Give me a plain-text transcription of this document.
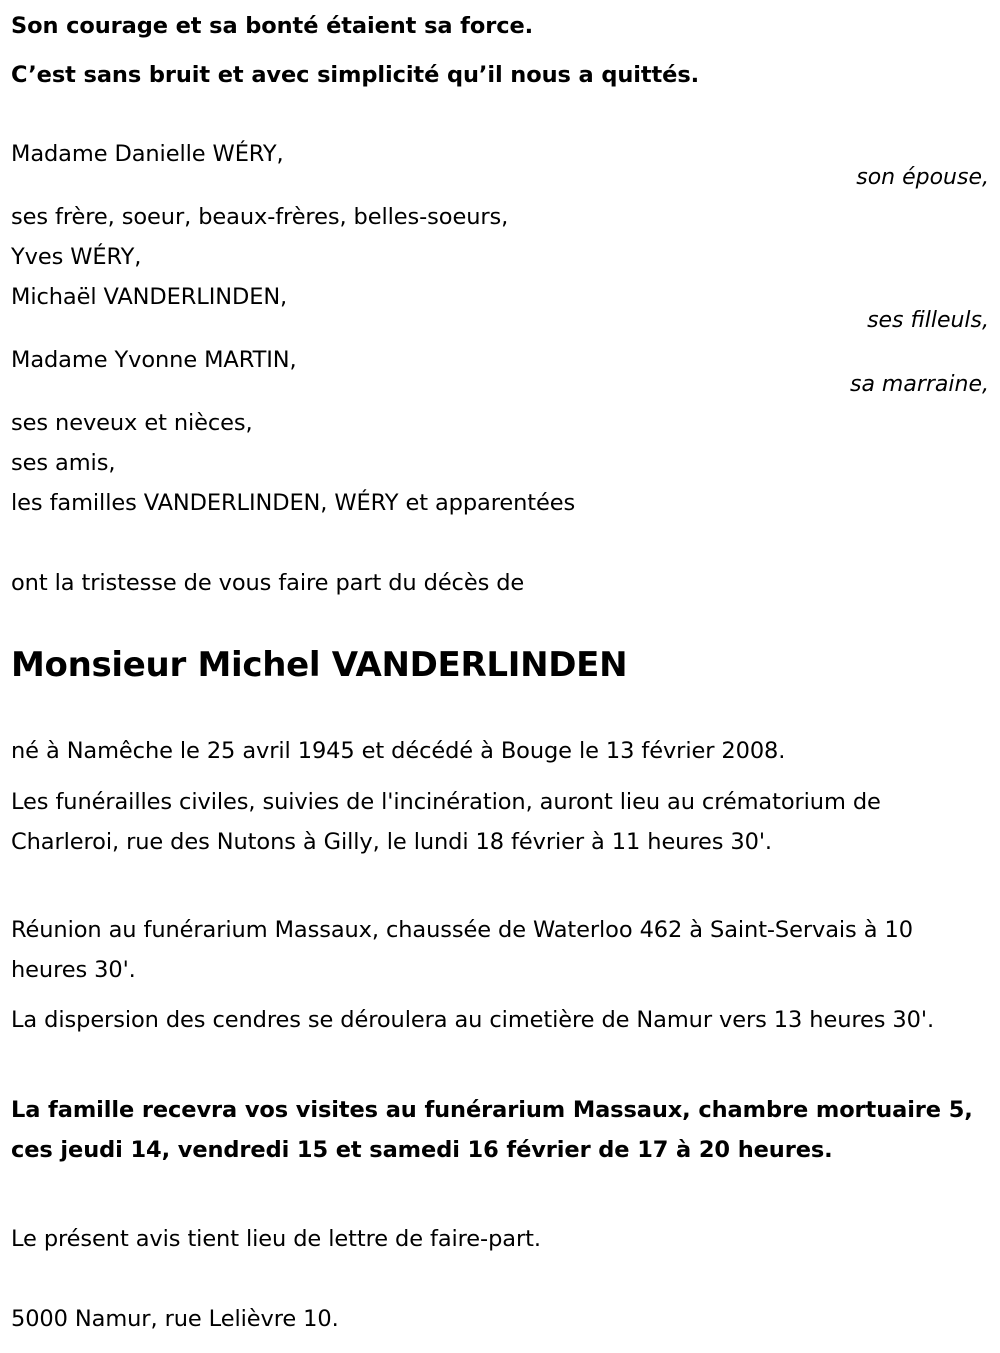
Son courage et sa bonté étaient sa force.
C’est sans bruit et avec simplicité qu’il nous a quittés.
Madame Danielle WÉRY,
son épouse,
ses frère, soeur, beaux-frères, belles-soeurs,
Yves WÉRY,
Michaël VANDERLINDEN,
ses filleuls,
Madame Yvonne MARTIN,
sa marraine,
ses neveux et nièces,
ses amis,
les familles VANDERLINDEN, WÉRY et apparentées
ont la tristesse de vous faire part du décès de
Monsieur Michel VANDERLINDEN

né à Namêche le 25 avril 1945 et décédé à Bouge le 13 février 2008.

Les funérailles civiles, suivies de l'incinération, auront lieu au crématorium de Charleroi, rue des Nutons à Gilly, le lundi 18 février à 11 heures 30'.

Réunion au funérarium Massaux, chaussée de Waterloo 462 à Saint-Servais à 10 heures 30'.

La dispersion des cendres se déroulera au cimetière de Namur vers 13 heures 30'.

La famille recevra vos visites au funérarium Massaux, chambre mortuaire 5, ces jeudi 14, vendredi 15 et samedi 16 février de 17 à 20 heures.

Le présent avis tient lieu de lettre de faire-part.

5000 Namur, rue Lelièvre 10.
